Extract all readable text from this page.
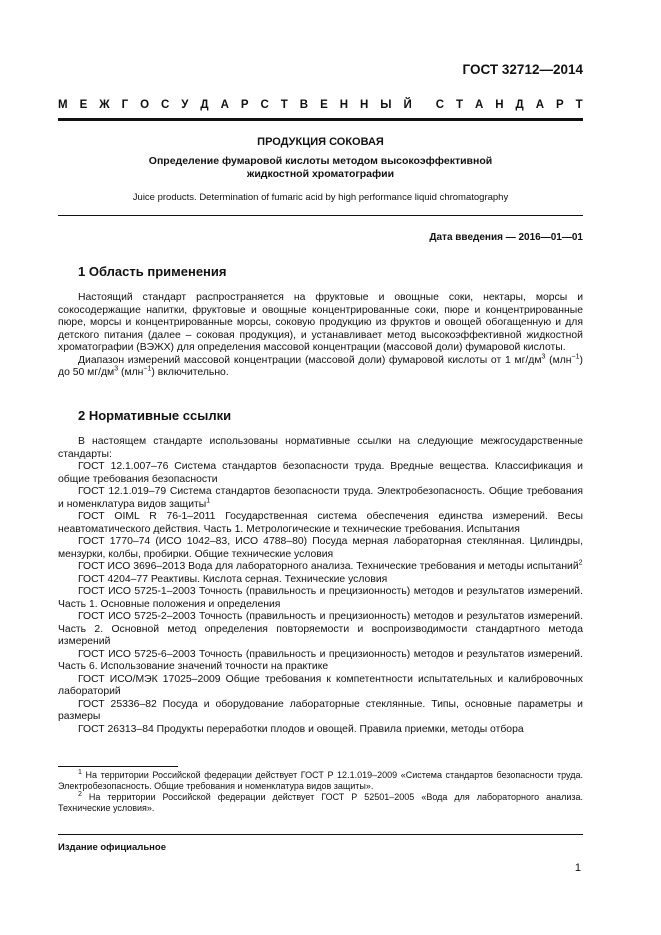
ГОСТ 32712—2014
М Е Ж Г О С У Д А Р С Т В Е Н Н Ы Й С Т А Н Д А Р Т
ПРОДУКЦИЯ СОКОВАЯ
Определение фумаровой кислоты методом высокоэффективной
жидкостной хроматографии
Juice products. Determination of fumaric acid by high performance liquid chromatography
Дата введения — 2016—01—01
1 Область применения

Настоящий стандарт распространяется на фруктовые и овощные соки, нектары, морсы и сокосодержащие напитки, фруктовые и овощные концентрированные соки, пюре и концентрированные пюре, морсы и концентрированные морсы, соковую продукцию из фруктов и овощей обогащенную и для детского питания (далее – соковая продукция), и устанавливает метод высокоэффективной жидкостной хроматографии (ВЭЖХ) для определения массовой концентрации (массовой доли) фумаровой кислоты.

Диапазон измерений массовой концентрации (массовой доли) фумаровой кислоты от 1 $мг/дм^3$ (млн$^{-1}$) до 50 $мг/дм^3$ (млн$^{-1}$) включительно.

2 Нормативные ссылки

В настоящем стандарте использованы нормативные ссылки на следующие межгосударственные стандарты:

ГОСТ 12.1.007–76 Система стандартов безопасности труда. Вредные вещества. Классификация и общие требования безопасности

ГОСТ 12.1.019–79 Система стандартов безопасности труда. Электробезопасность. Общие требования и номенклатура видов защиты$^1$

ГОСТ OIML R 76-1–2011 Государственная система обеспечения единства измерений. Весы неавтоматического действия. Часть 1. Метрологические и технические требования. Испытания

ГОСТ 1770–74 (ИСО 1042–83, ИСО 4788–80) Посуда мерная лабораторная стеклянная. Цилиндры, мензурки, колбы, пробирки. Общие технические условия

ГОСТ ИСО 3696–2013 Вода для лабораторного анализа. Технические требования и методы испытаний$^2$

ГОСТ 4204–77 Реактивы. Кислота серная. Технические условия

ГОСТ ИСО 5725-1–2003 Точность (правильность и прецизионность) методов и результатов измерений. Часть 1. Основные положения и определения

ГОСТ ИСО 5725-2–2003 Точность (правильность и прецизионность) методов и результатов измерений. Часть 2. Основной метод определения повторяемости и воспроизводимости стандартного метода измерений

ГОСТ ИСО 5725-6–2003 Точность (правильность и прецизионность) методов и результатов измерений. Часть 6. Использование значений точности на практике

ГОСТ ИСО/МЭК 17025–2009 Общие требования к компетентности испытательных и калибровочных лабораторий

ГОСТ 25336–82 Посуда и оборудование лабораторные стеклянные. Типы, основные параметры и размеры

ГОСТ 26313–84 Продукты переработки плодов и овощей. Правила приемки, методы отбора

$^1$ На территории Российской федерации действует ГОСТ Р 12.1.019–2009 «Система стандартов безопасности труда. Электробезопасность. Общие требования и номенклатура видов защиты».

$^2$ На территории Российской федерации действует ГОСТ Р 52501–2005 «Вода для лабораторного анализа. Технические условия».

Издание официальное
1
